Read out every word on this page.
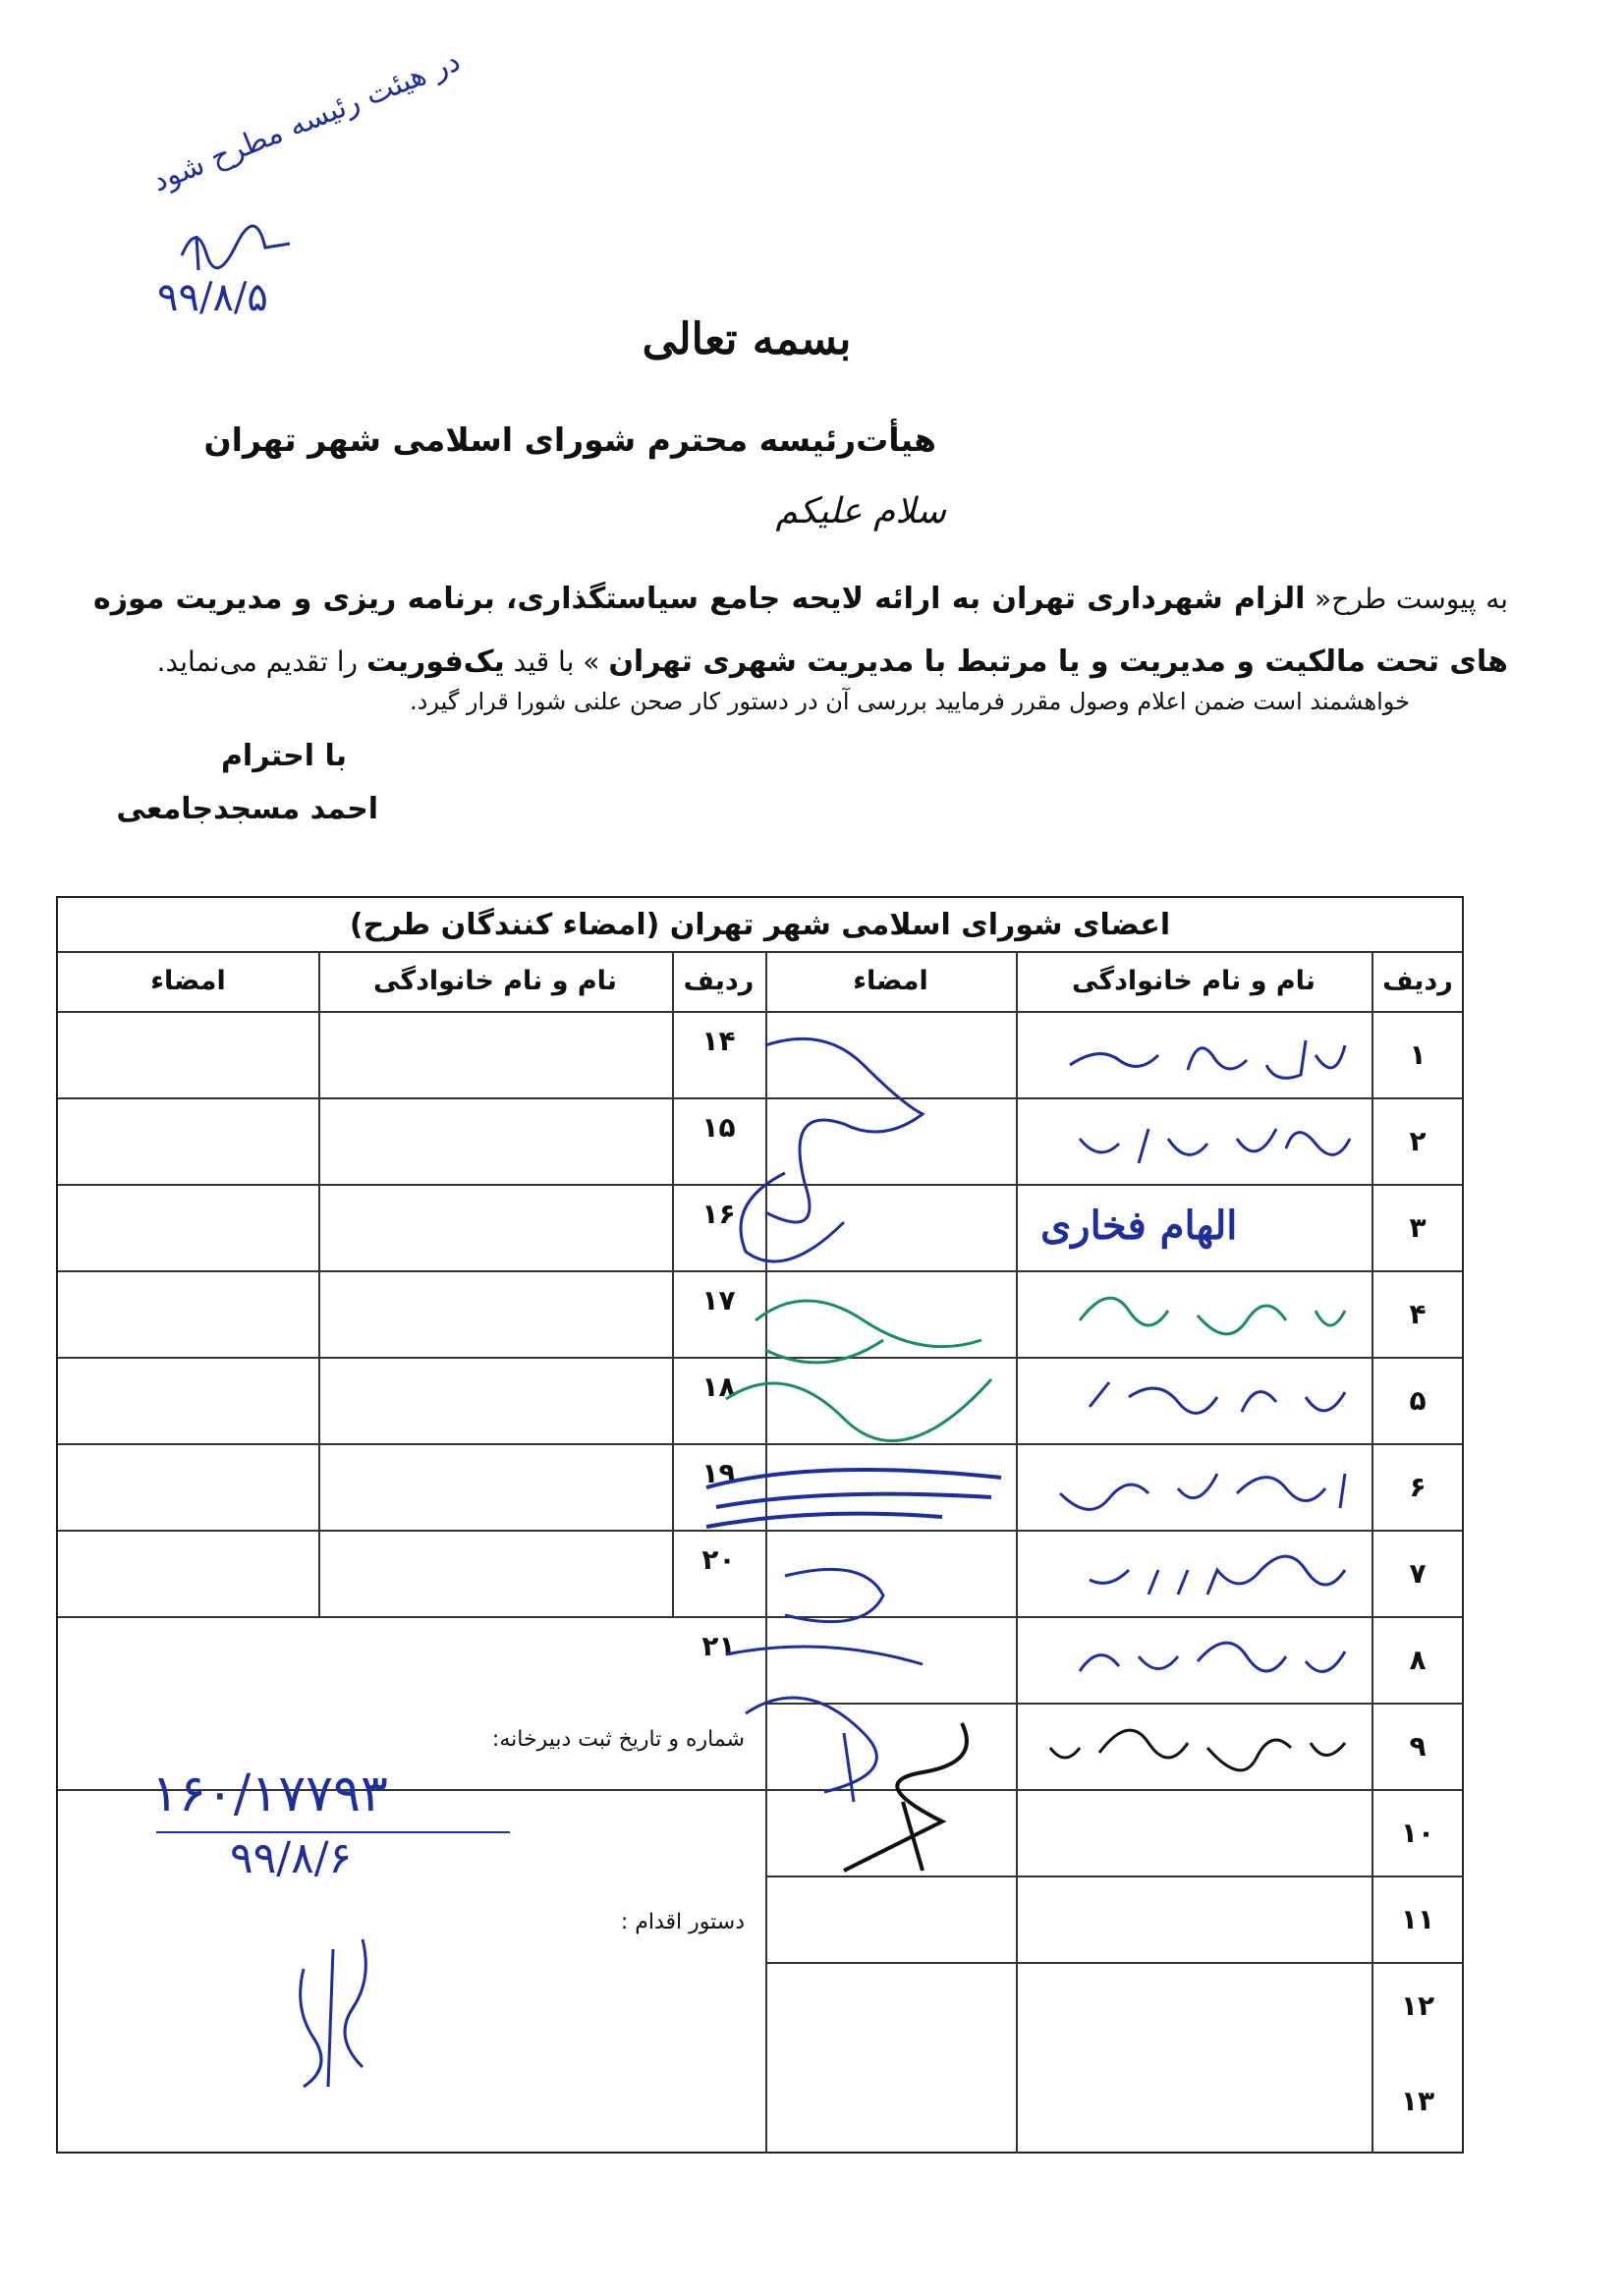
در هیئت رئیسه مطرح شود
۹۹/۸/۵
بسمه تعالی
هیأت‌رئیسه محترم شورای اسلامی شهر تهران
سلام علیکم
به پیوست طرح« الزام شهرداری تهران به ارائه لایحه جامع سیاستگذاری، برنامه ریزی و مدیریت موزه های تحت مالکیت و مدیریت و یا مرتبط با مدیریت شهری تهران » با قید یک‌فوریت را تقدیم می‌نماید.
خواهشمند است ضمن اعلام وصول مقرر فرمایید بررسی آن در دستور کار صحن علنی شورا قرار گیرد.
با احترام
احمد مسجدجامعی
اعضای شورای اسلامی شهر تهران (امضاء کنندگان طرح)
ردیف
نام و نام خانوادگی
امضاء
ردیف
نام و نام خانوادگی
امضاء
۱
۲
۳
۴
۵
۶
۷
۸
۹
۱۰
۱۱
۱۲
۱۳
۱۴
۱۵
۱۶
۱۷
۱۸
۱۹
۲۰
۲۱
الهام فخاری
شماره و تاریخ ثبت دبیرخانه:
۱۶۰/۱۷۷۹۳
۹۹/۸/۶
دستور اقدام :
